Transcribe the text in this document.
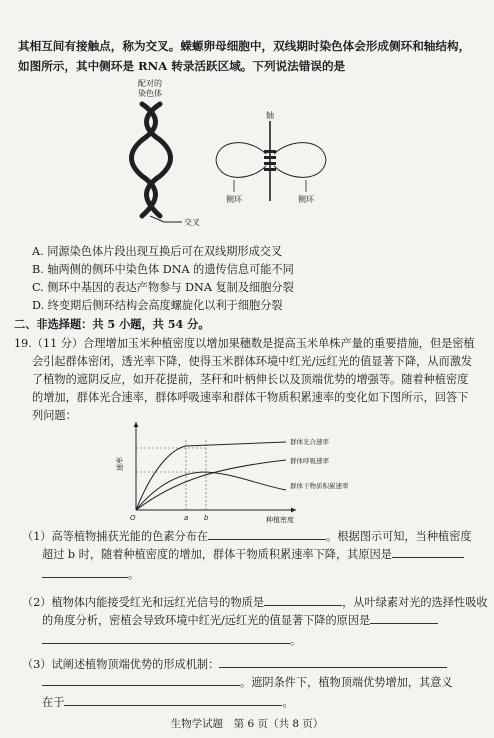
其相互间有接触点，称为交叉。蝾螈卵母细胞中，双线期时染色体会形成侧环和轴结构，
如图所示，其中侧环是 RNA 转录活跃区域。下列说法错误的是
配对的
染色体
交叉
轴
侧环	侧环
A. 同源染色体片段出现互换后可在双线期形成交叉
B. 轴两侧的侧环中染色体 DNA 的遗传信息可能不同
C. 侧环中基因的表达产物参与 DNA 复制及细胞分裂
D. 终变期后侧环结构会高度螺旋化以利于细胞分裂
二、非选择题：共 5 小题，共 54 分。
19.（11 分）合理增加玉米种植密度以增加果穗数是提高玉米单株产量的重要措施，但是密植
会引起群体密闭，透光率下降，使得玉米群体环境中红光/远红光的值显著下降，从而激发
了植物的遮阴反应，如开花提前，茎秆和叶柄伸长以及顶端优势的增强等。随着种植密度
的增加，群体光合速率，群体呼吸速率和群体干物质积累速率的变化如下图所示，回答下
列问题：
群体光合速率
群体呼吸速率
群体干物质积累速率
速率
种植密度
O	a b
（1）高等植物捕获光能的色素分布在	。根据图示可知，当种植密度
超过 b 时，随着种植密度的增加，群体干物质积累速率下降，其原因是
。
（2）植物体内能接受红光和远红光信号的物质是	，从叶绿素对光的选择性吸收
的角度分析，密植会导致环境中红光/远红光的值显著下降的原因是
。
（3）试阐述植物顶端优势的形成机制：
。遮阴条件下，植物顶端优势增加，其意义
在于	。
生物学试题　第 6 页（共 8 页）
